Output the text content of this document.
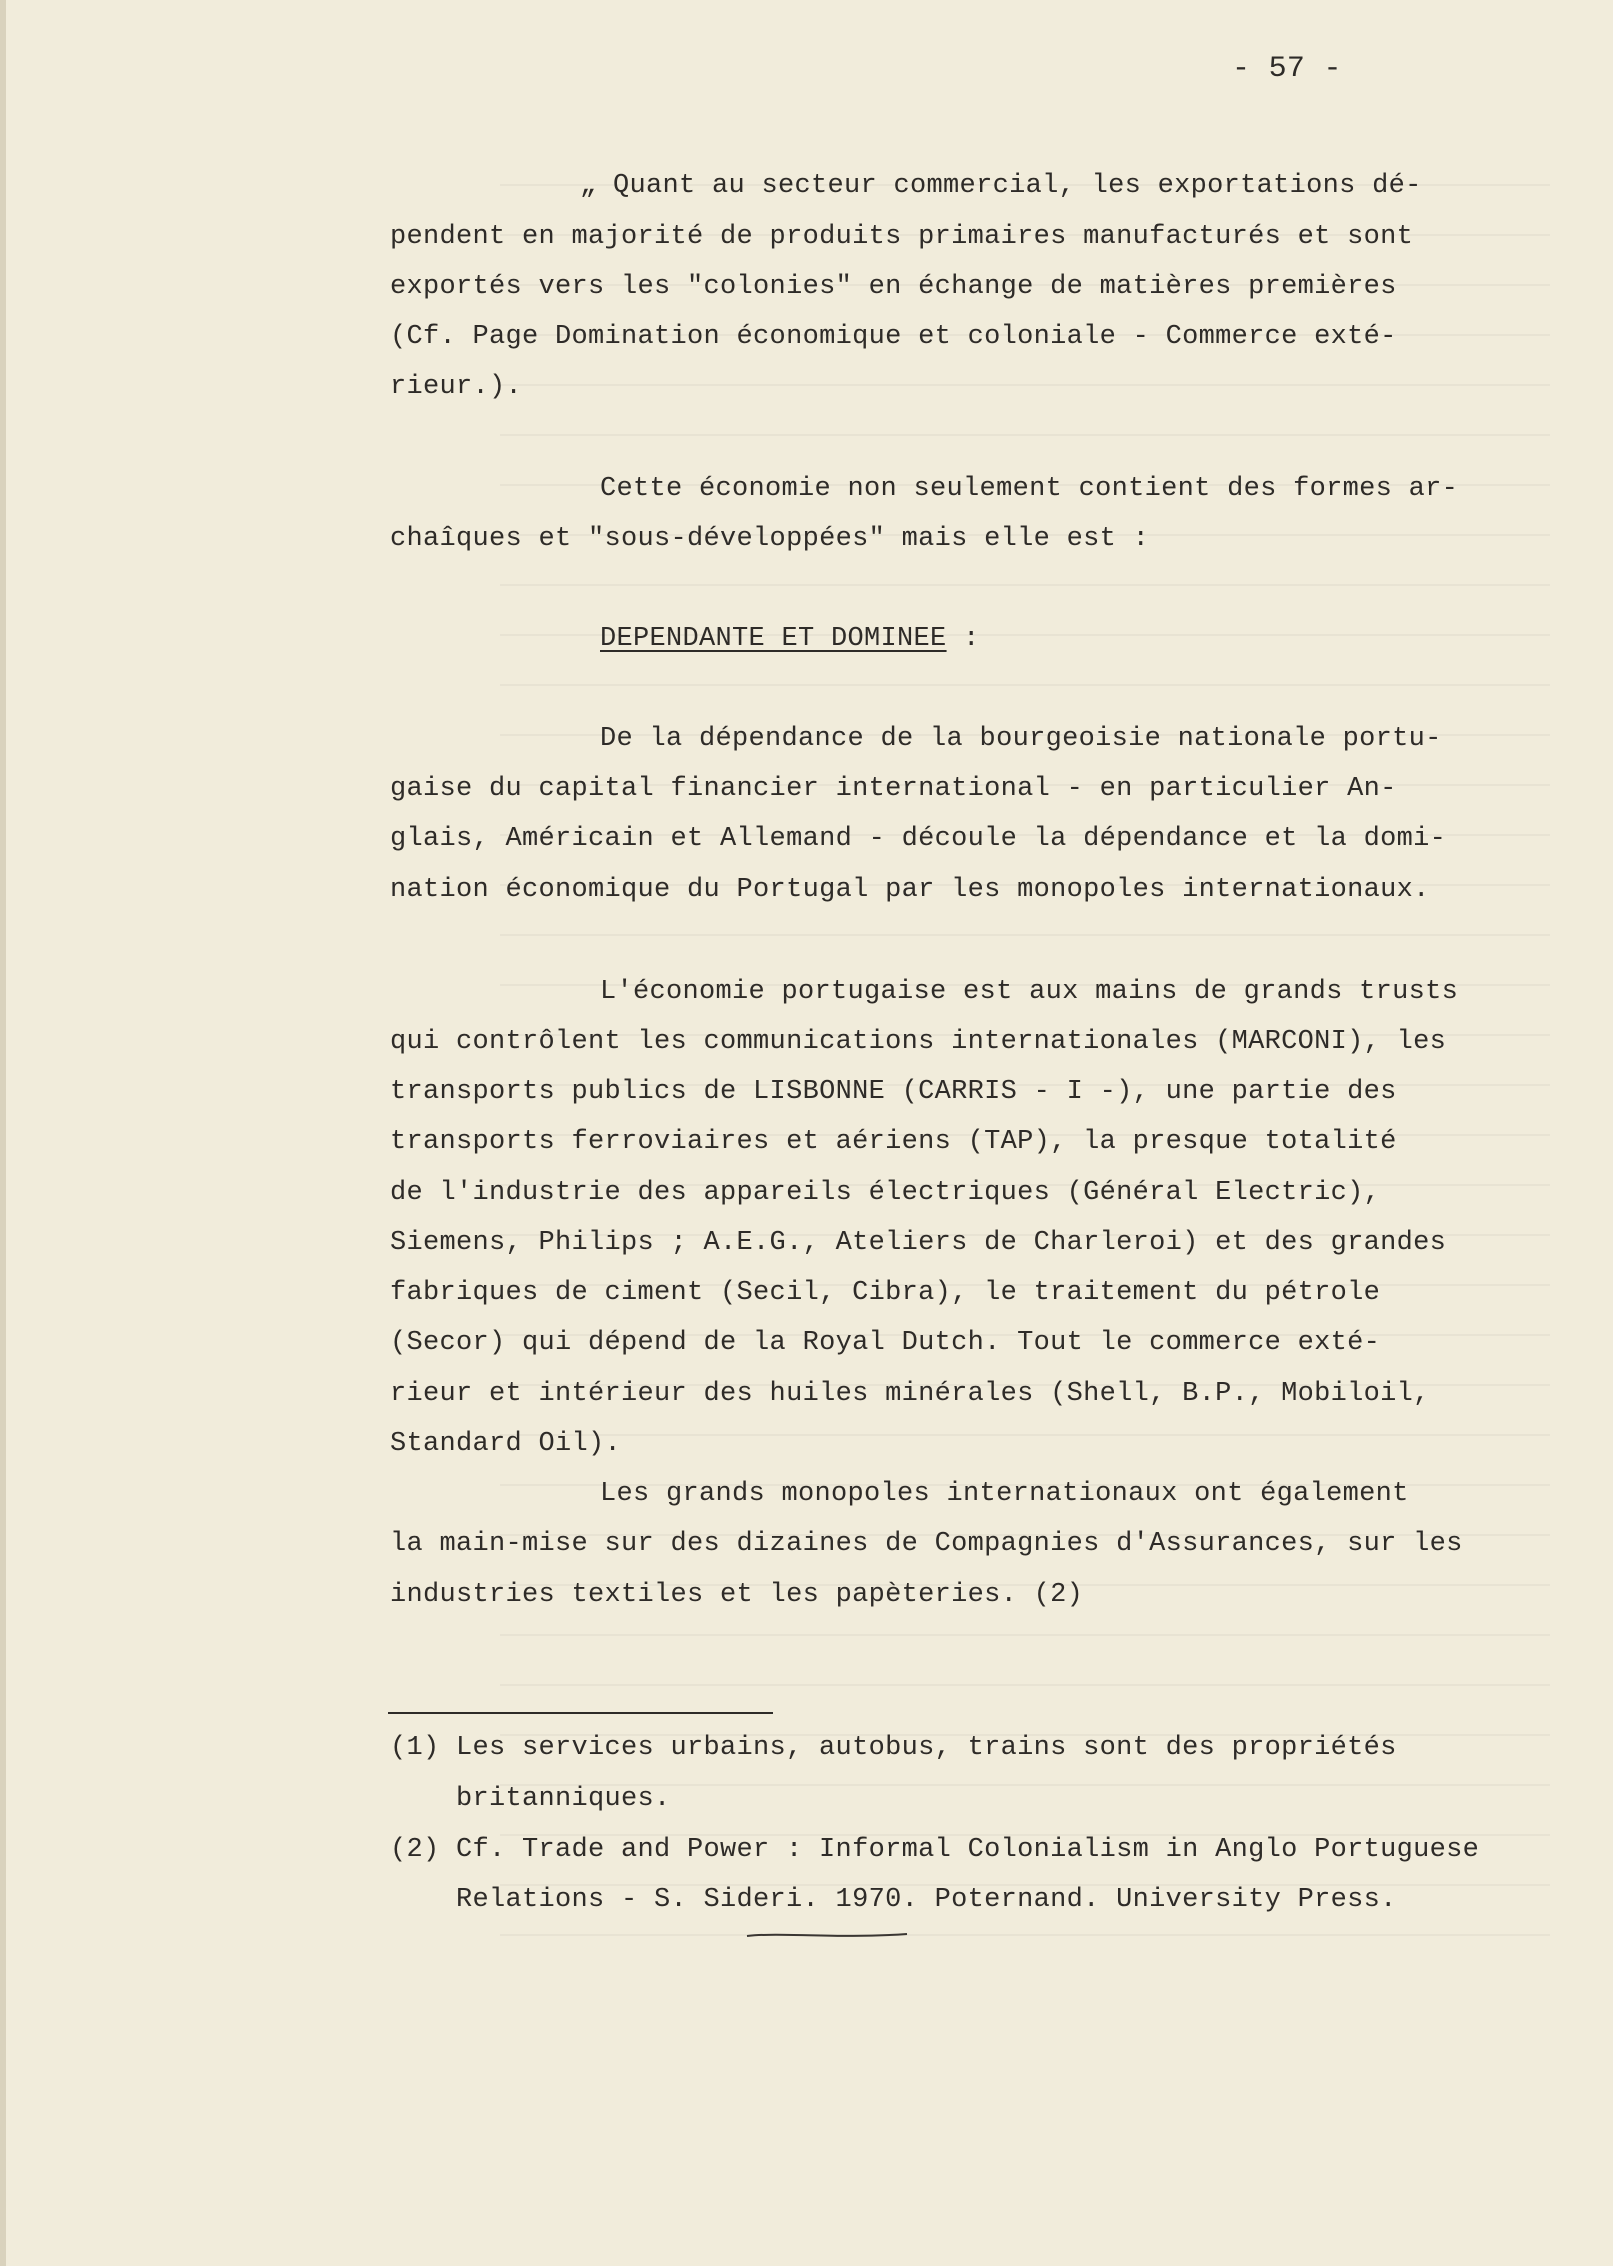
- 57 -
„ Quant au secteur commercial, les exportations dé-
pendent en majorité de produits primaires manufacturés et sont
exportés vers les "colonies" en échange de matières premières
(Cf. Page Domination économique et coloniale - Commerce exté-
rieur.).
Cette économie non seulement contient des formes ar-
chaîques et "sous-développées" mais elle est :
DEPENDANTE ET DOMINEE :
De la dépendance de la bourgeoisie nationale portu-
gaise du capital financier international - en particulier An-
glais, Américain et Allemand - découle la dépendance et la domi-
nation économique du Portugal par les monopoles internationaux.
L'économie portugaise est aux mains de grands trusts
qui contrôlent les communications internationales (MARCONI), les
transports publics de LISBONNE (CARRIS - I -), une partie des
transports ferroviaires et aériens (TAP), la presque totalité
de l'industrie des appareils électriques (Général Electric),
Siemens, Philips ; A.E.G., Ateliers de Charleroi) et des grandes
fabriques de ciment (Secil, Cibra), le traitement du pétrole
(Secor) qui dépend de la Royal Dutch. Tout le commerce exté-
rieur et intérieur des huiles minérales (Shell, B.P., Mobiloil,
Standard Oil).
Les grands monopoles internationaux ont également
la main-mise sur des dizaines de Compagnies d'Assurances, sur les
industries textiles et les papèteries. (2)
(1) Les services urbains, autobus, trains sont des propriétés
britanniques.
(2) Cf. Trade and Power : Informal Colonialism in Anglo Portuguese
Relations - S. Sideri. 1970. Poternand. University Press.
